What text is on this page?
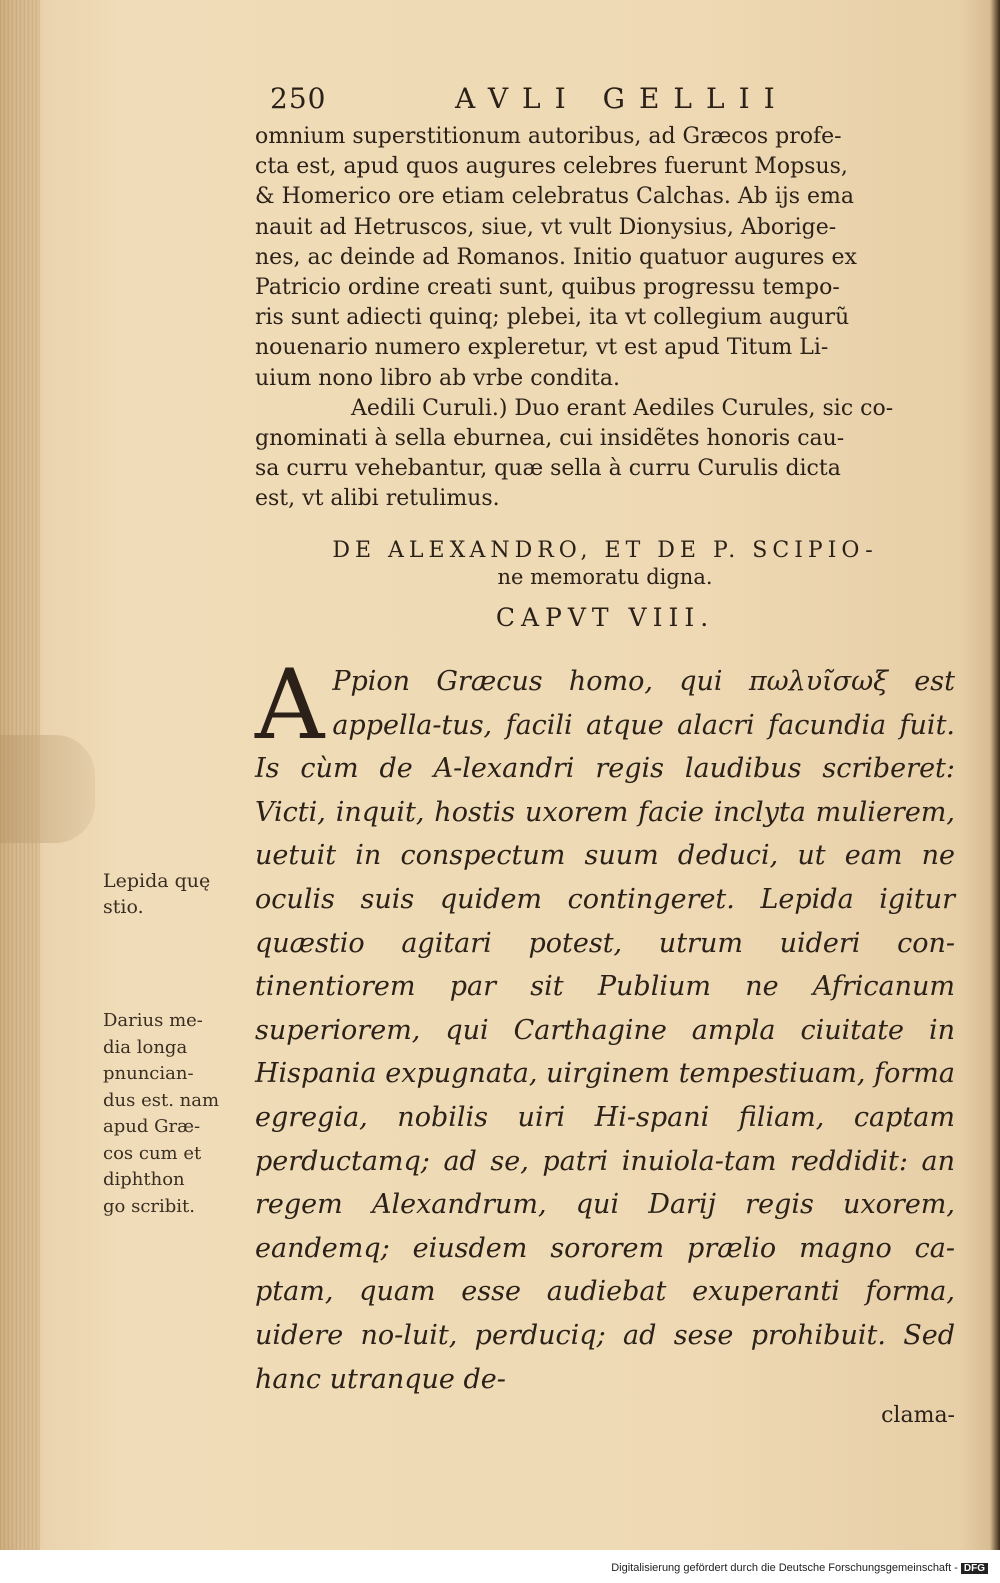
250	AVLI GELLII

omnium superstitionum autoribus, ad Græcos profe-
cta est, apud quos augures celebres fuerunt Mopsus,
& Homerico ore etiam celebratus Calchas. Ab ijs ema
nauit ad Hetruscos, siue, vt vult Dionysius, Aborige-
nes, ac deinde ad Romanos. Initio quatuor augures ex
Patricio ordine creati sunt, quibus progressu tempo-
ris sunt adiecti quinq; plebei, ita vt collegium augurũ
nouenario numero expleretur, vt est apud Titum Li-
uium nono libro ab vrbe condita.

Aedili Curuli.) Duo erant Aediles Curules, sic co-
gnominati à sella eburnea, cui insidẽtes honoris cau-
sa curru vehebantur, quæ sella à curru Curulis dicta
est, vt alibi retulimus.

DE ALEXANDRO, ET DE P. SCIPIO-
ne memoratu digna.
CAPVT VIII.
A Ppion Græcus homo, qui πωλυῖσωξ est appella-tus, facili atque alacri facundia fuit. Is cùm de A-lexandri regis laudibus scriberet: Victi, inquit, hostis uxorem facie inclyta mulierem, uetuit in conspectum suum deduci, ut eam ne oculis suis quidem contingeret. Lepida igitur quæstio agitari potest, utrum uideri con-tinentiorem par sit Publium ne Africanum superiorem, qui Carthagine ampla ciuitate in Hispania expugnata, uirginem tempestiuam, forma egregia, nobilis uiri Hi-spani filiam, captam perductamq; ad se, patri inuiola-tam reddidit: an regem Alexandrum, qui Darij regis uxorem, eandemq; eiusdem sororem prælio magno ca-ptam, quam esse audiebat exuperanti forma, uidere no-luit, perduciq; ad sese prohibuit. Sed hanc utranque de-
clama-
Lepida quę
stio.
Darius me-
dia longa
pnuncian-
dus est. nam
apud Græ-
cos cum et
diphthon
go scribit.
Digitalisierung gefördert durch die Deutsche Forschungsgemeinschaft - DFG
